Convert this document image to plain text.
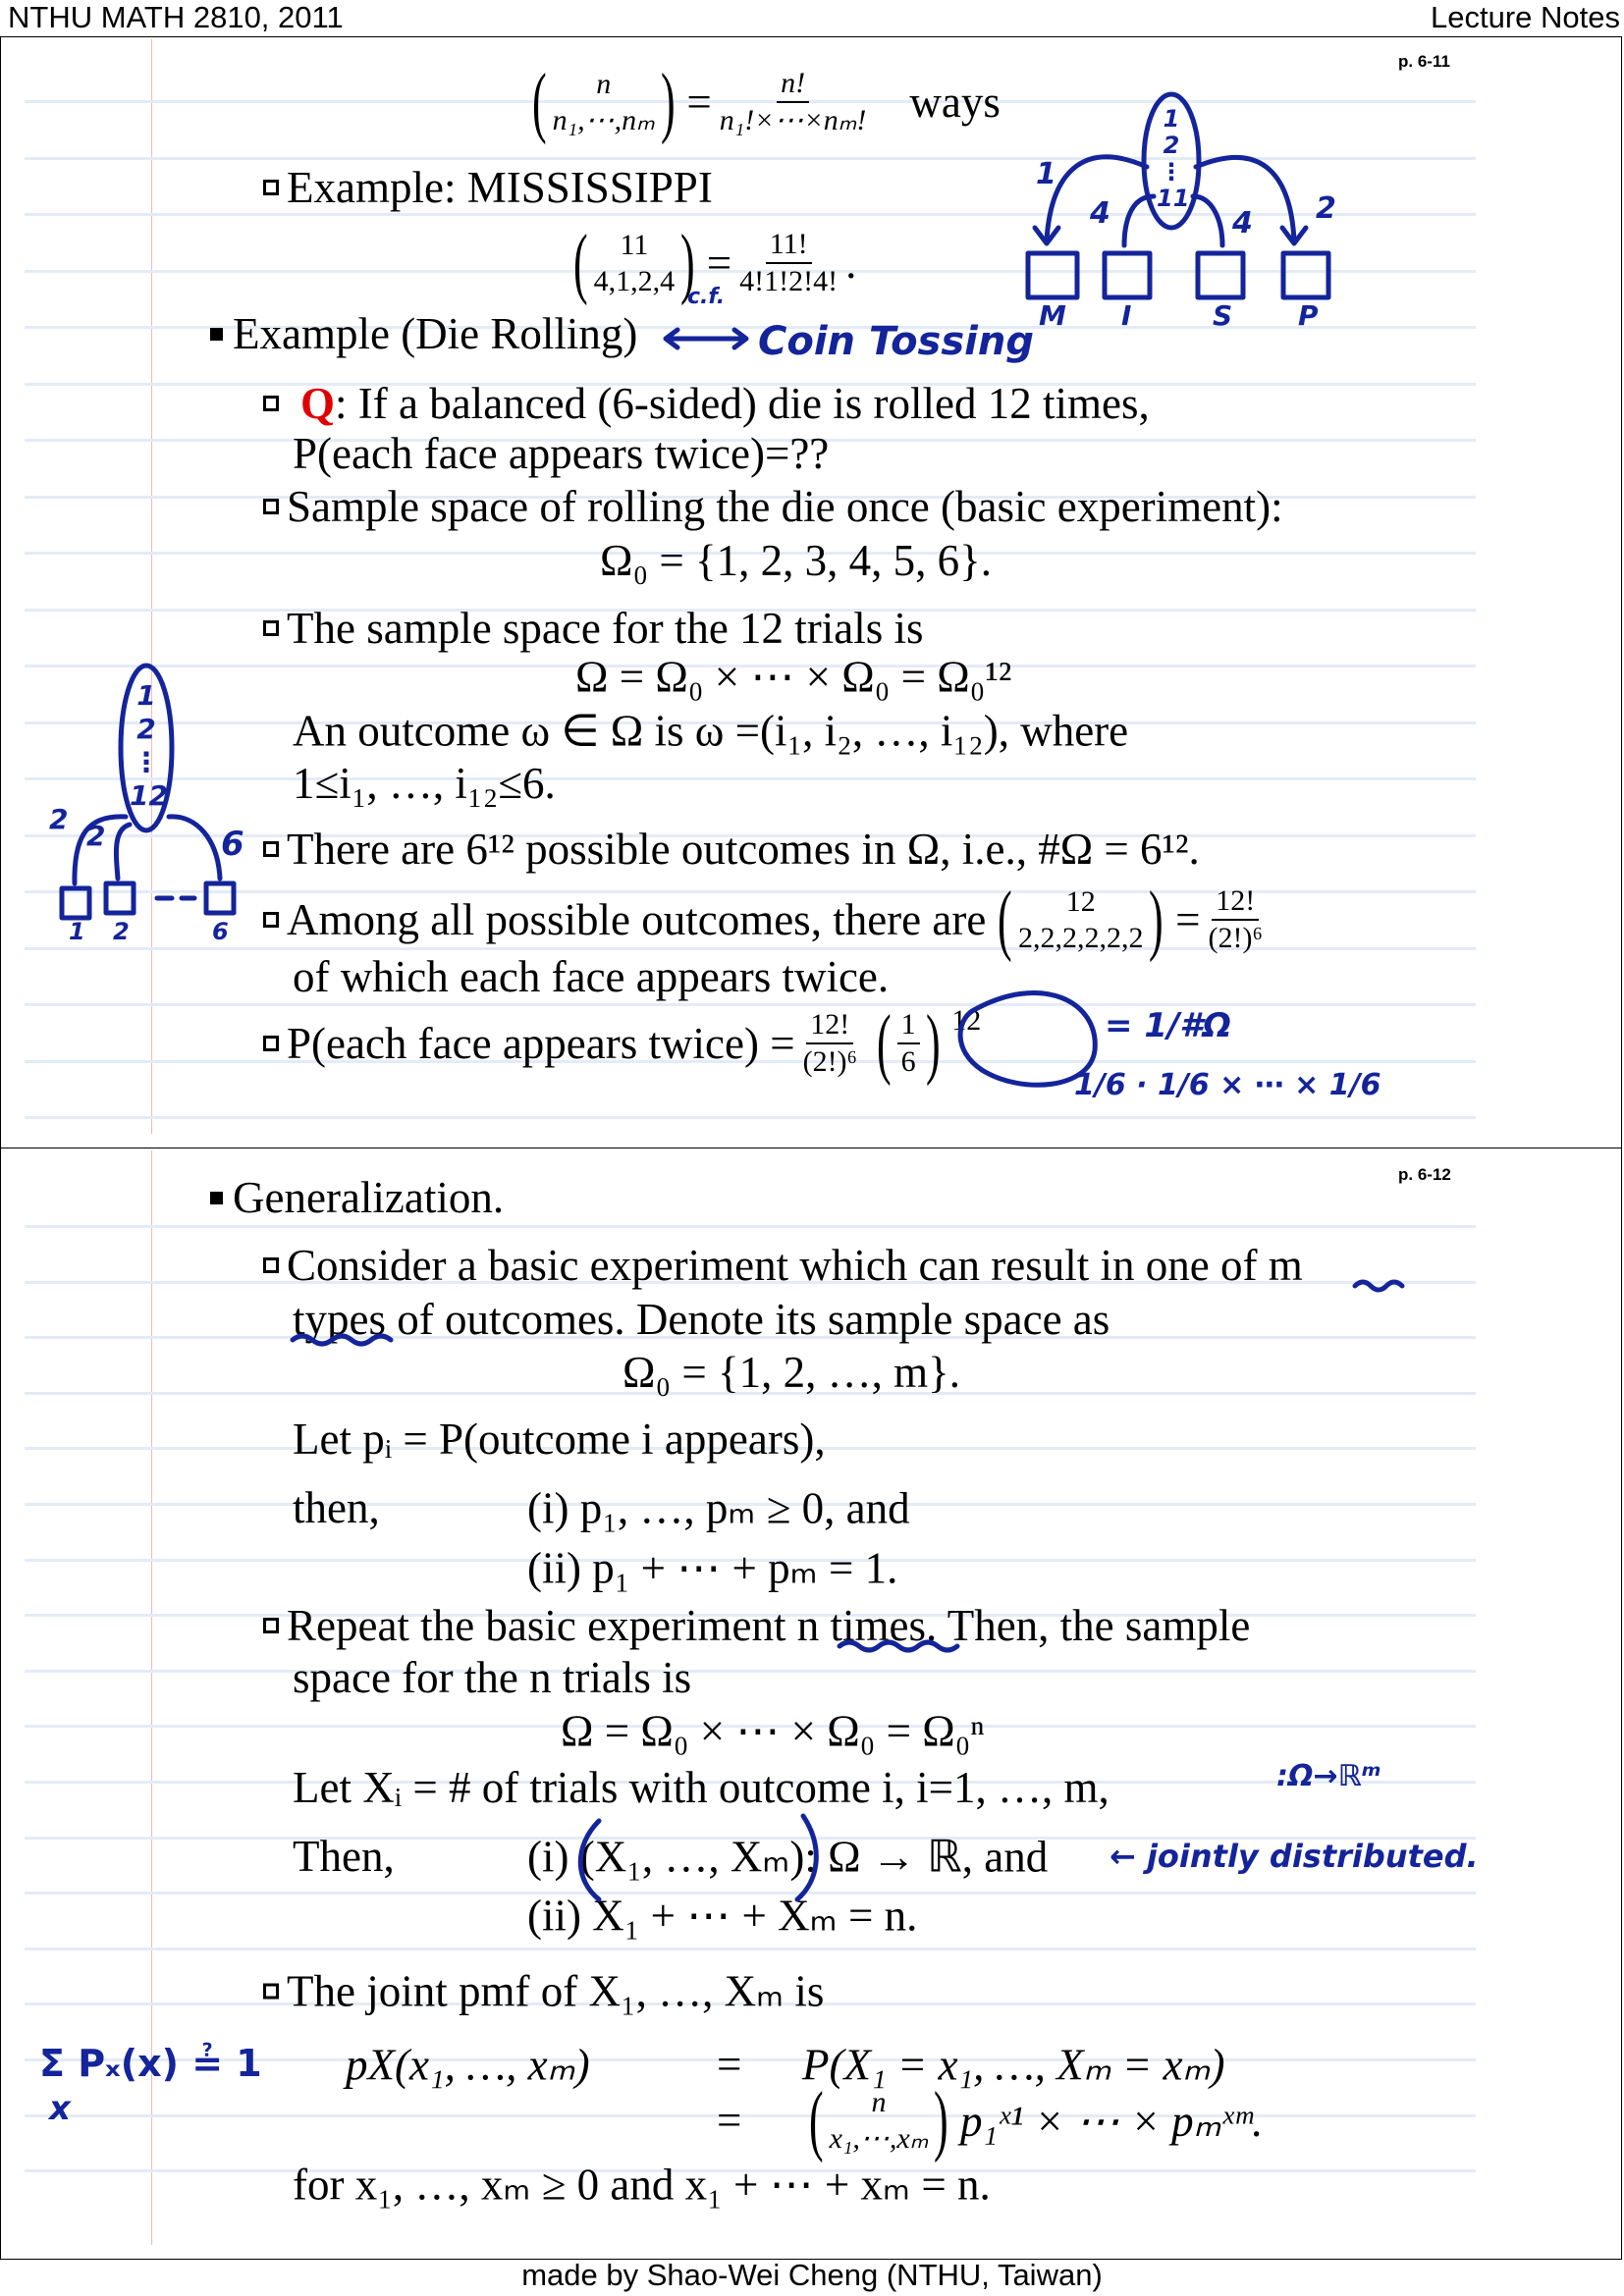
NTHU MATH 2810, 2011	Lecture Notes
p. 6-11
( n
n₁,⋯,nₘ ) = $\frac{n!}{\text{n₁!×⋯×nₘ!}}$ ways
Example: MISSISSIPPI
( 11
4,1,2,4 ) = $\frac{11!}{4!1!2!4!}$ .
Example (Die Rolling)
Q : If a balanced (6-sided) die is rolled 12 times,
P(each face appears twice)=??
Sample space of rolling the die once (basic experiment):
Ω₀ = {1, 2, 3, 4, 5, 6}.
The sample space for the 12 trials is
Ω = Ω₀ × ⋯ × Ω₀ = Ω₀¹²
An outcome ω ∈ Ω is ω =(i₁, i₂, …, i₁₂), where
1≤i₁, …, i₁₂≤6.
There are 6¹² possible outcomes in Ω, i.e., #Ω = 6¹².
Among all possible outcomes, there are ( 12
2,2,2,2,2,2 ) = $\frac{12!}{\text{(2!)⁶}}$
of which each face appears twice.
P(each face appears twice) = $\frac{12!}{\text{(2!)⁶}}$ ( $\frac{1}{6}$ ) $^{12}$
p. 6-12
Generalization.
Consider a basic experiment which can result in one of m
types of outcomes. Denote its sample space as
Ω₀ = {1, 2, …, m}.
Let pᵢ = P(outcome i appears),
then,	(i) p₁, …, pₘ ≥ 0, and
(ii) p₁ + ⋯ + pₘ = 1.
Repeat the basic experiment n times. Then, the sample
space for the n trials is
Ω = Ω₀ × ⋯ × Ω₀ = Ω₀ⁿ
Let Xᵢ = # of trials with outcome i, i=1, …, m,
Then,	(i) (X₁, …, Xₘ): Ω → ℝ, and
(ii) X₁ + ⋯ + Xₘ = n.
The joint pmf of X₁, …, Xₘ is
pX(x₁, …, xₘ)	= P(X₁ = x₁, …, Xₘ = xₘ)
= ( n
x₁,⋯,xₘ ) p₁ˣ¹ × ⋯ × pₘˣᵐ.
for x₁, …, xₘ ≥ 0 and x₁ + ⋯ + xₘ = n.
made by Shao-Wei Cheng (NTHU, Taiwan)
c.f.
Coin Tossing
1
4	4 2
M I	S P
1
2
⋮
11
1
2
⋮
12
2
2	6
1 2	6
= 1/#Ω
1/6 · 1/6 × ⋯ × 1/6
:Ω→ℝᵐ
← jointly distributed.
Σ Pₓ(x) ≟ 1
x
